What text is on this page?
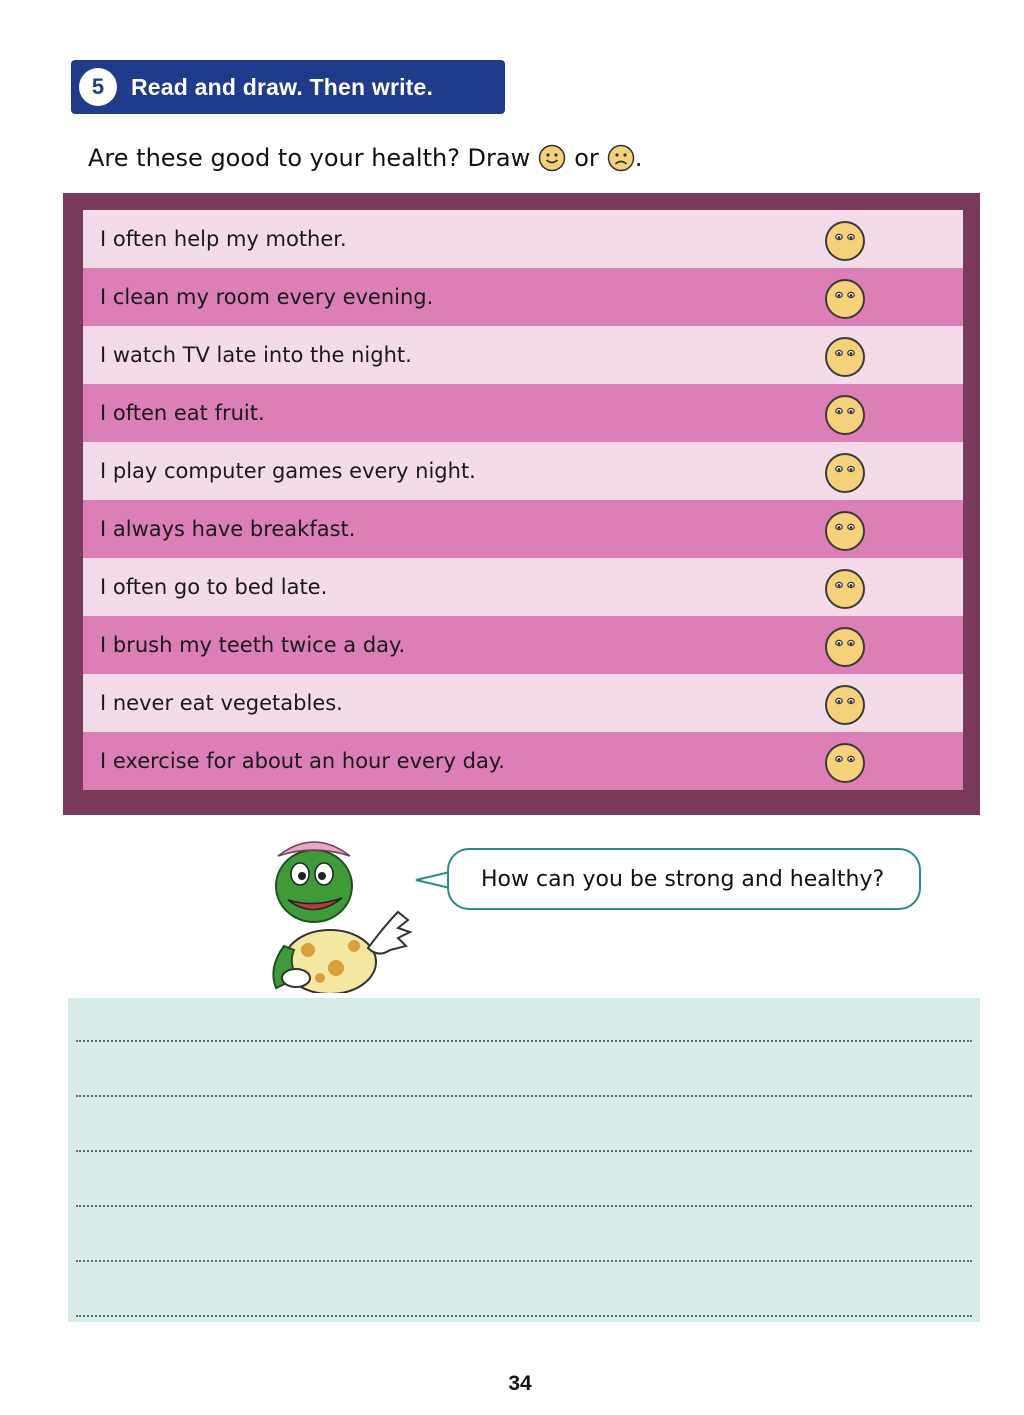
5	Read and draw. Then write.
Are these good to your health? Draw or .
I often help my mother.
I clean my room every evening.
I watch TV late into the night.
I often eat fruit.
I play computer games every night.
I always have breakfast.
I often go to bed late.
I brush my teeth twice a day.
I never eat vegetables.
I exercise for about an hour every day.
How can you be strong and healthy?
34
